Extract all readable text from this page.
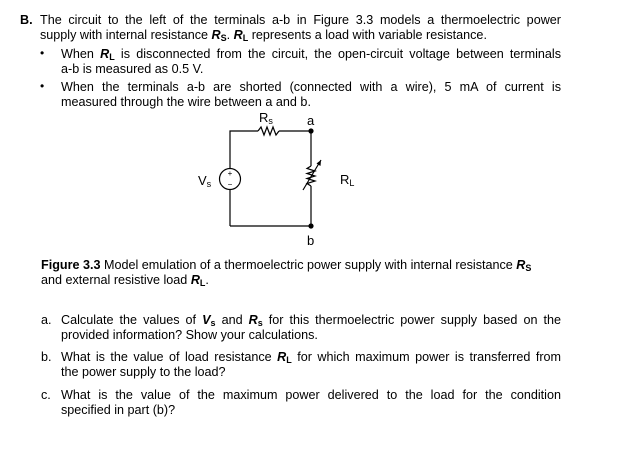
B. The circuit to the left of the terminals a-b in Figure 3.3 models a thermoelectric power
supply with internal resistance $R_S$. $R_L$ represents a load with variable resistance.
• When $R_L$ is disconnected from the circuit, the open-circuit voltage between terminals
a-b is measured as 0.5 V.
• When the terminals a-b are shorted (connected with a wire), 5 mA of current is
measured through the wire between a and b.
+
−
$R_s$	a
$V_s$	$R_L$
b
Figure 3.3 Model emulation of a thermoelectric power supply with internal resistance $R_S$
and external resistive load $R_L$.
a. Calculate the values of $V_s$ and $R_s$ for this thermoelectric power supply based on the
provided information? Show your calculations.
b. What is the value of load resistance $R_L$ for which maximum power is transferred from
the power supply to the load?
c. What is the value of the maximum power delivered to the load for the condition
specified in part (b)?
